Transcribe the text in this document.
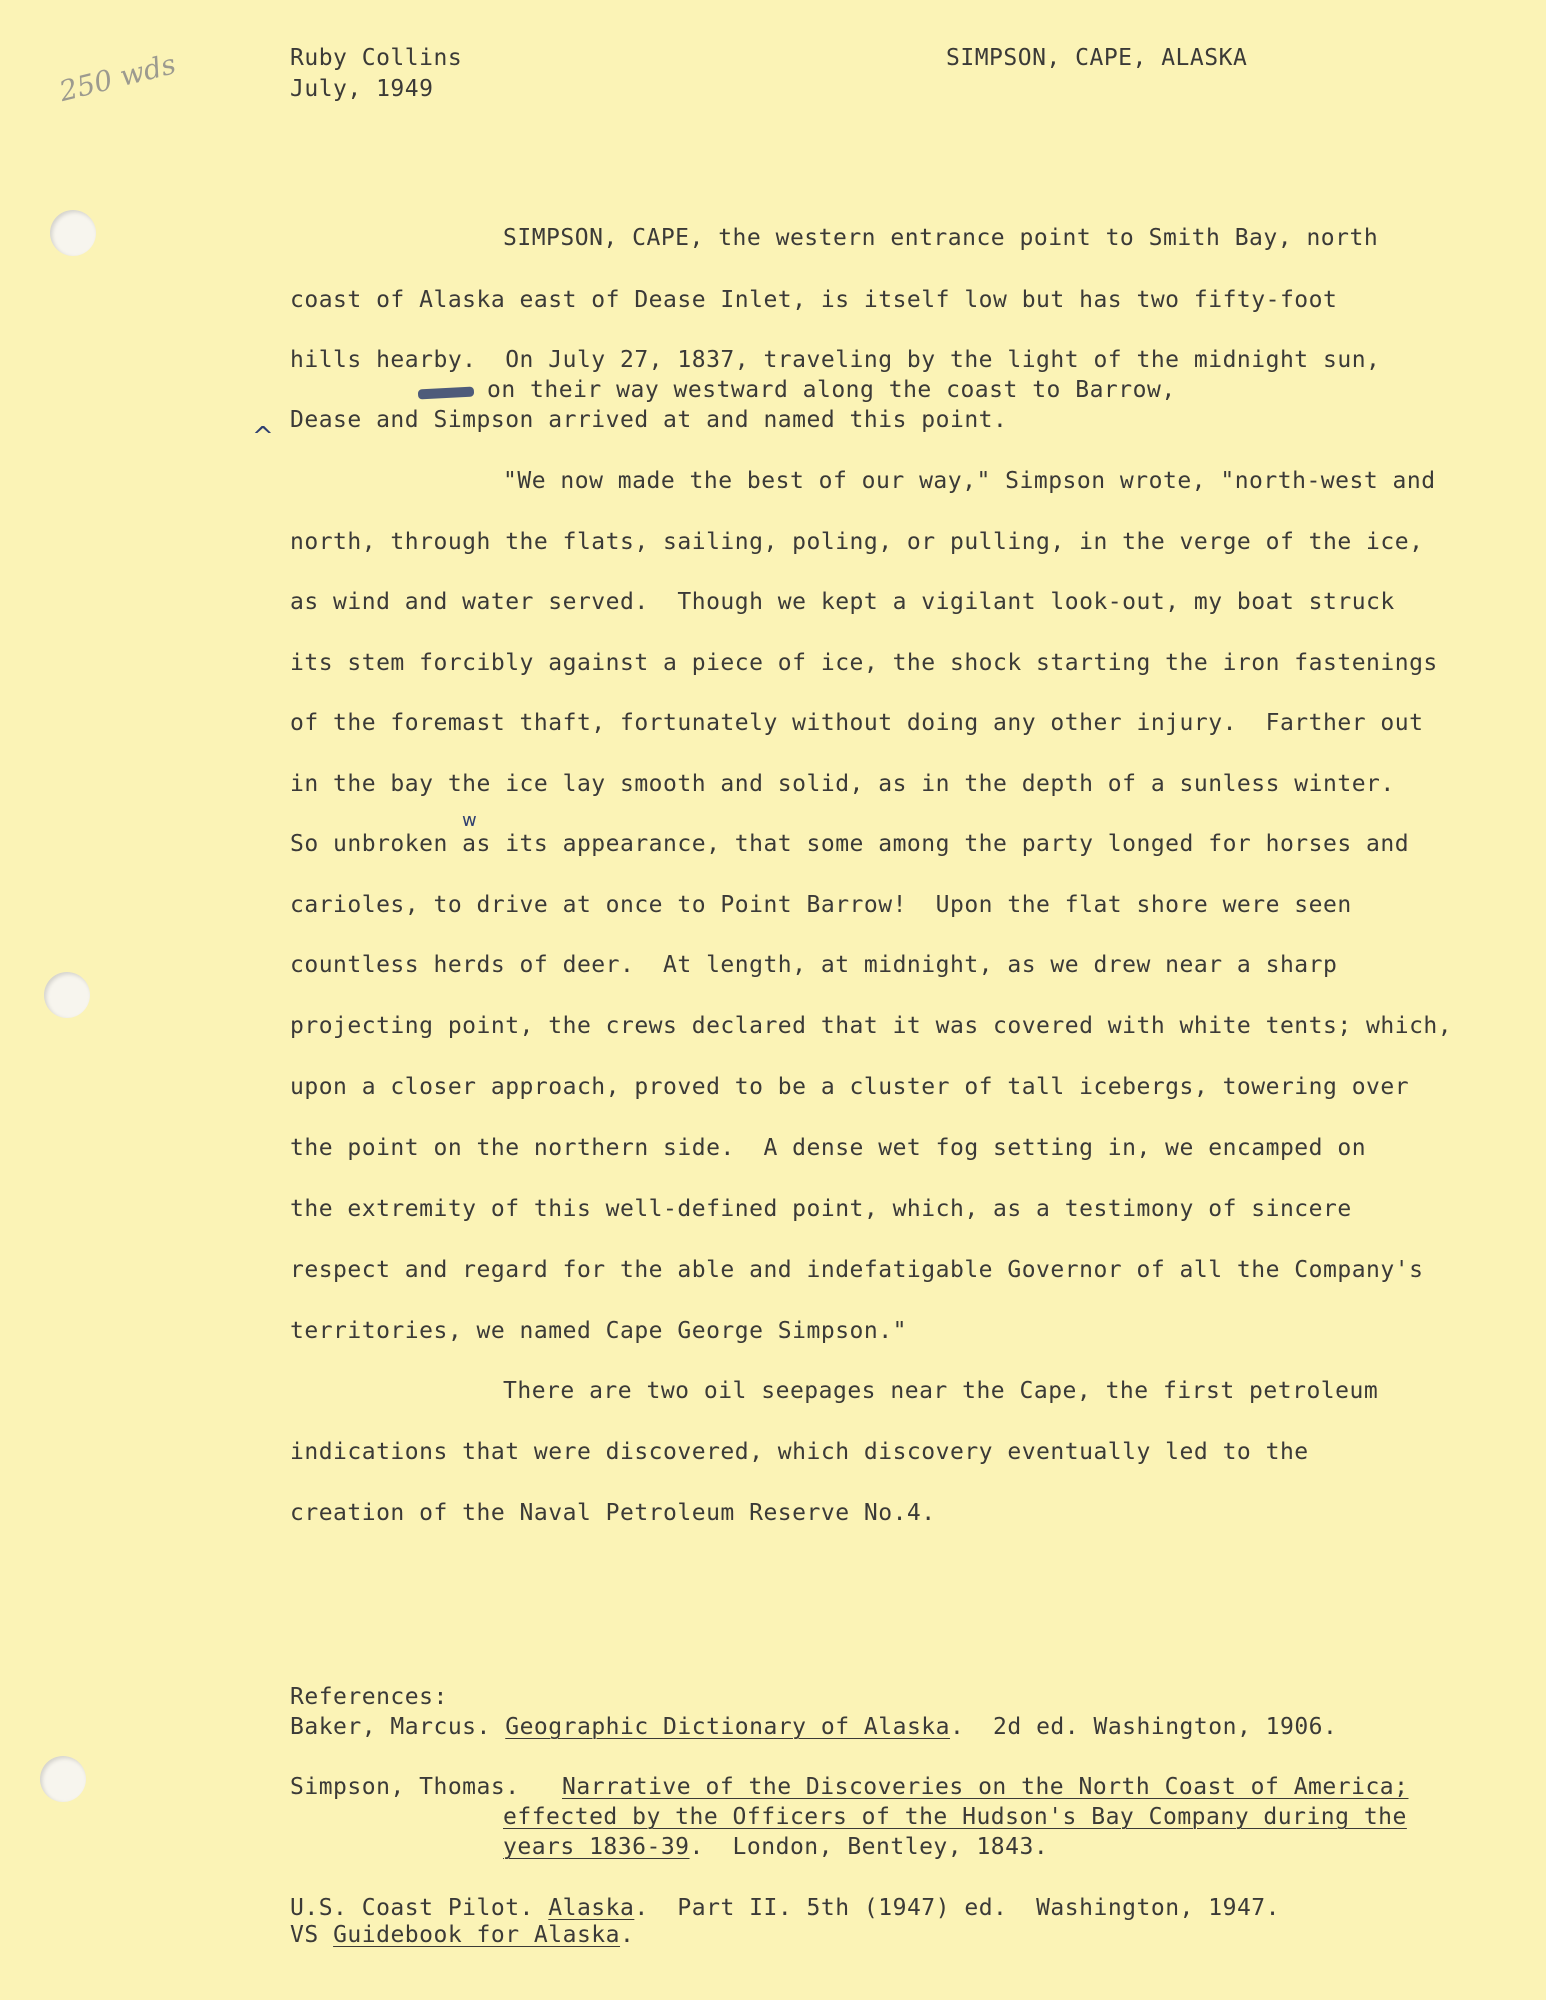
250 wds	Ruby Collins
July, 1949
SIMPSON, CAPE, ALASKA
SIMPSON, CAPE, the western entrance point to Smith Bay, north
coast of Alaska east of Dease Inlet, is itself low but has two fifty-foot
hills hearby.  On July 27, 1837, traveling by the light of the midnight sun,
on their way westward along the coast to Barrow,
^
Dease and Simpson arrived at and named this point.
"We now made the best of our way," Simpson wrote, "north-west and
north, through the flats, sailing, poling, or pulling, in the verge of the ice,
as wind and water served.  Though we kept a vigilant look-out, my boat struck
its stem forcibly against a piece of ice, the shock starting the iron fastenings
of the foremast thaft, fortunately without doing any other injury.  Farther out
in the bay the ice lay smooth and solid, as in the depth of a sunless winter.
w
So unbroken as its appearance, that some among the party longed for horses and
carioles, to drive at once to Point Barrow!  Upon the flat shore were seen
countless herds of deer.  At length, at midnight, as we drew near a sharp
projecting point, the crews declared that it was covered with white tents; which,
upon a closer approach, proved to be a cluster of tall icebergs, towering over
the point on the northern side.  A dense wet fog setting in, we encamped on
the extremity of this well-defined point, which, as a testimony of sincere
respect and regard for the able and indefatigable Governor of all the Company's
territories, we named Cape George Simpson."
There are two oil seepages near the Cape, the first petroleum
indications that were discovered, which discovery eventually led to the
creation of the Naval Petroleum Reserve No.4.
References:
Baker, Marcus. Geographic Dictionary of Alaska.  2d ed. Washington, 1906.
Simpson, Thomas. Narrative of the Discoveries on the North Coast of America;
effected by the Officers of the Hudson's Bay Company during the
years 1836-39.  London, Bentley, 1843.
U.S. Coast Pilot. Alaska.  Part II. 5th (1947) ed.  Washington, 1947.
VS Guidebook for Alaska.
